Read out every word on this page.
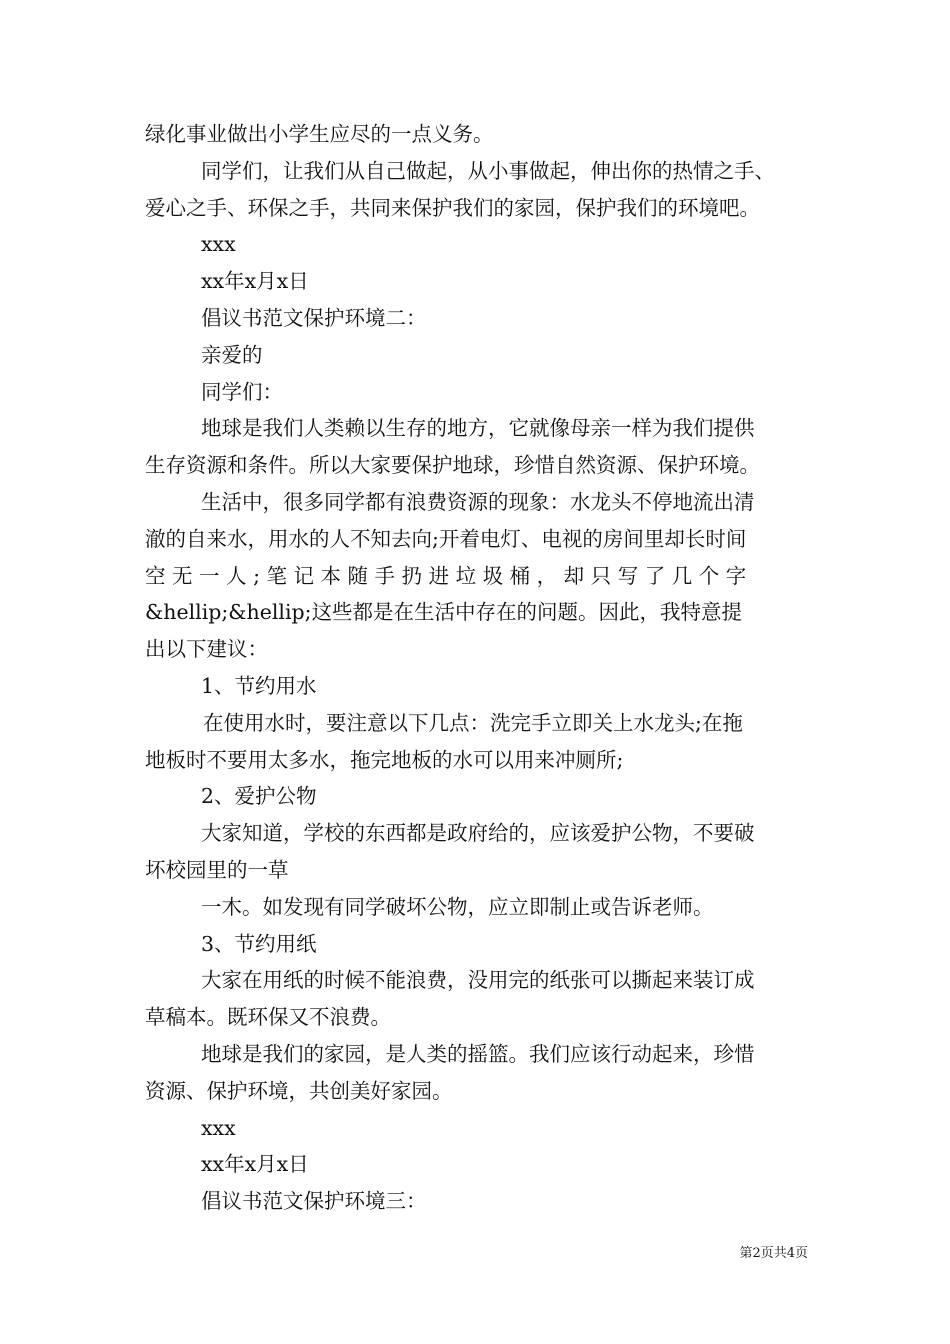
绿化事业做出小学生应尽的一点义务。
同学们，让我们从自己做起，从小事做起，伸出你的热情之手、
爱心之手、环保之手，共同来保护我们的家园，保护我们的环境吧。
xxx
xx年x月x日
倡议书范文保护环境二：
亲爱的
同学们：
地球是我们人类赖以生存的地方，它就像母亲一样为我们提供
生存资源和条件。所以大家要保护地球，珍惜自然资源、保护环境。
生活中，很多同学都有浪费资源的现象：水龙头不停地流出清
澈的自来水，用水的人不知去向;开着电灯、电视的房间里却长时间
空 无 一 人 ; 笔 记 本 随 手 扔 进 垃 圾 桶 ， 却 只 写 了 几 个 字
&hellip;&hellip;这些都是在生活中存在的问题。因此，我特意提
出以下建议：
1、节约用水
在使用水时，要注意以下几点：洗完手立即关上水龙头;在拖
地板时不要用太多水，拖完地板的水可以用来冲厕所;
2、爱护公物
大家知道，学校的东西都是政府给的，应该爱护公物，不要破
坏校园里的一草
一木。如发现有同学破坏公物，应立即制止或告诉老师。
3、节约用纸
大家在用纸的时候不能浪费，没用完的纸张可以撕起来装订成
草稿本。既环保又不浪费。
地球是我们的家园，是人类的摇篮。我们应该行动起来，珍惜
资源、保护环境，共创美好家园。
xxx
xx年x月x日
倡议书范文保护环境三：
第2页共4页
